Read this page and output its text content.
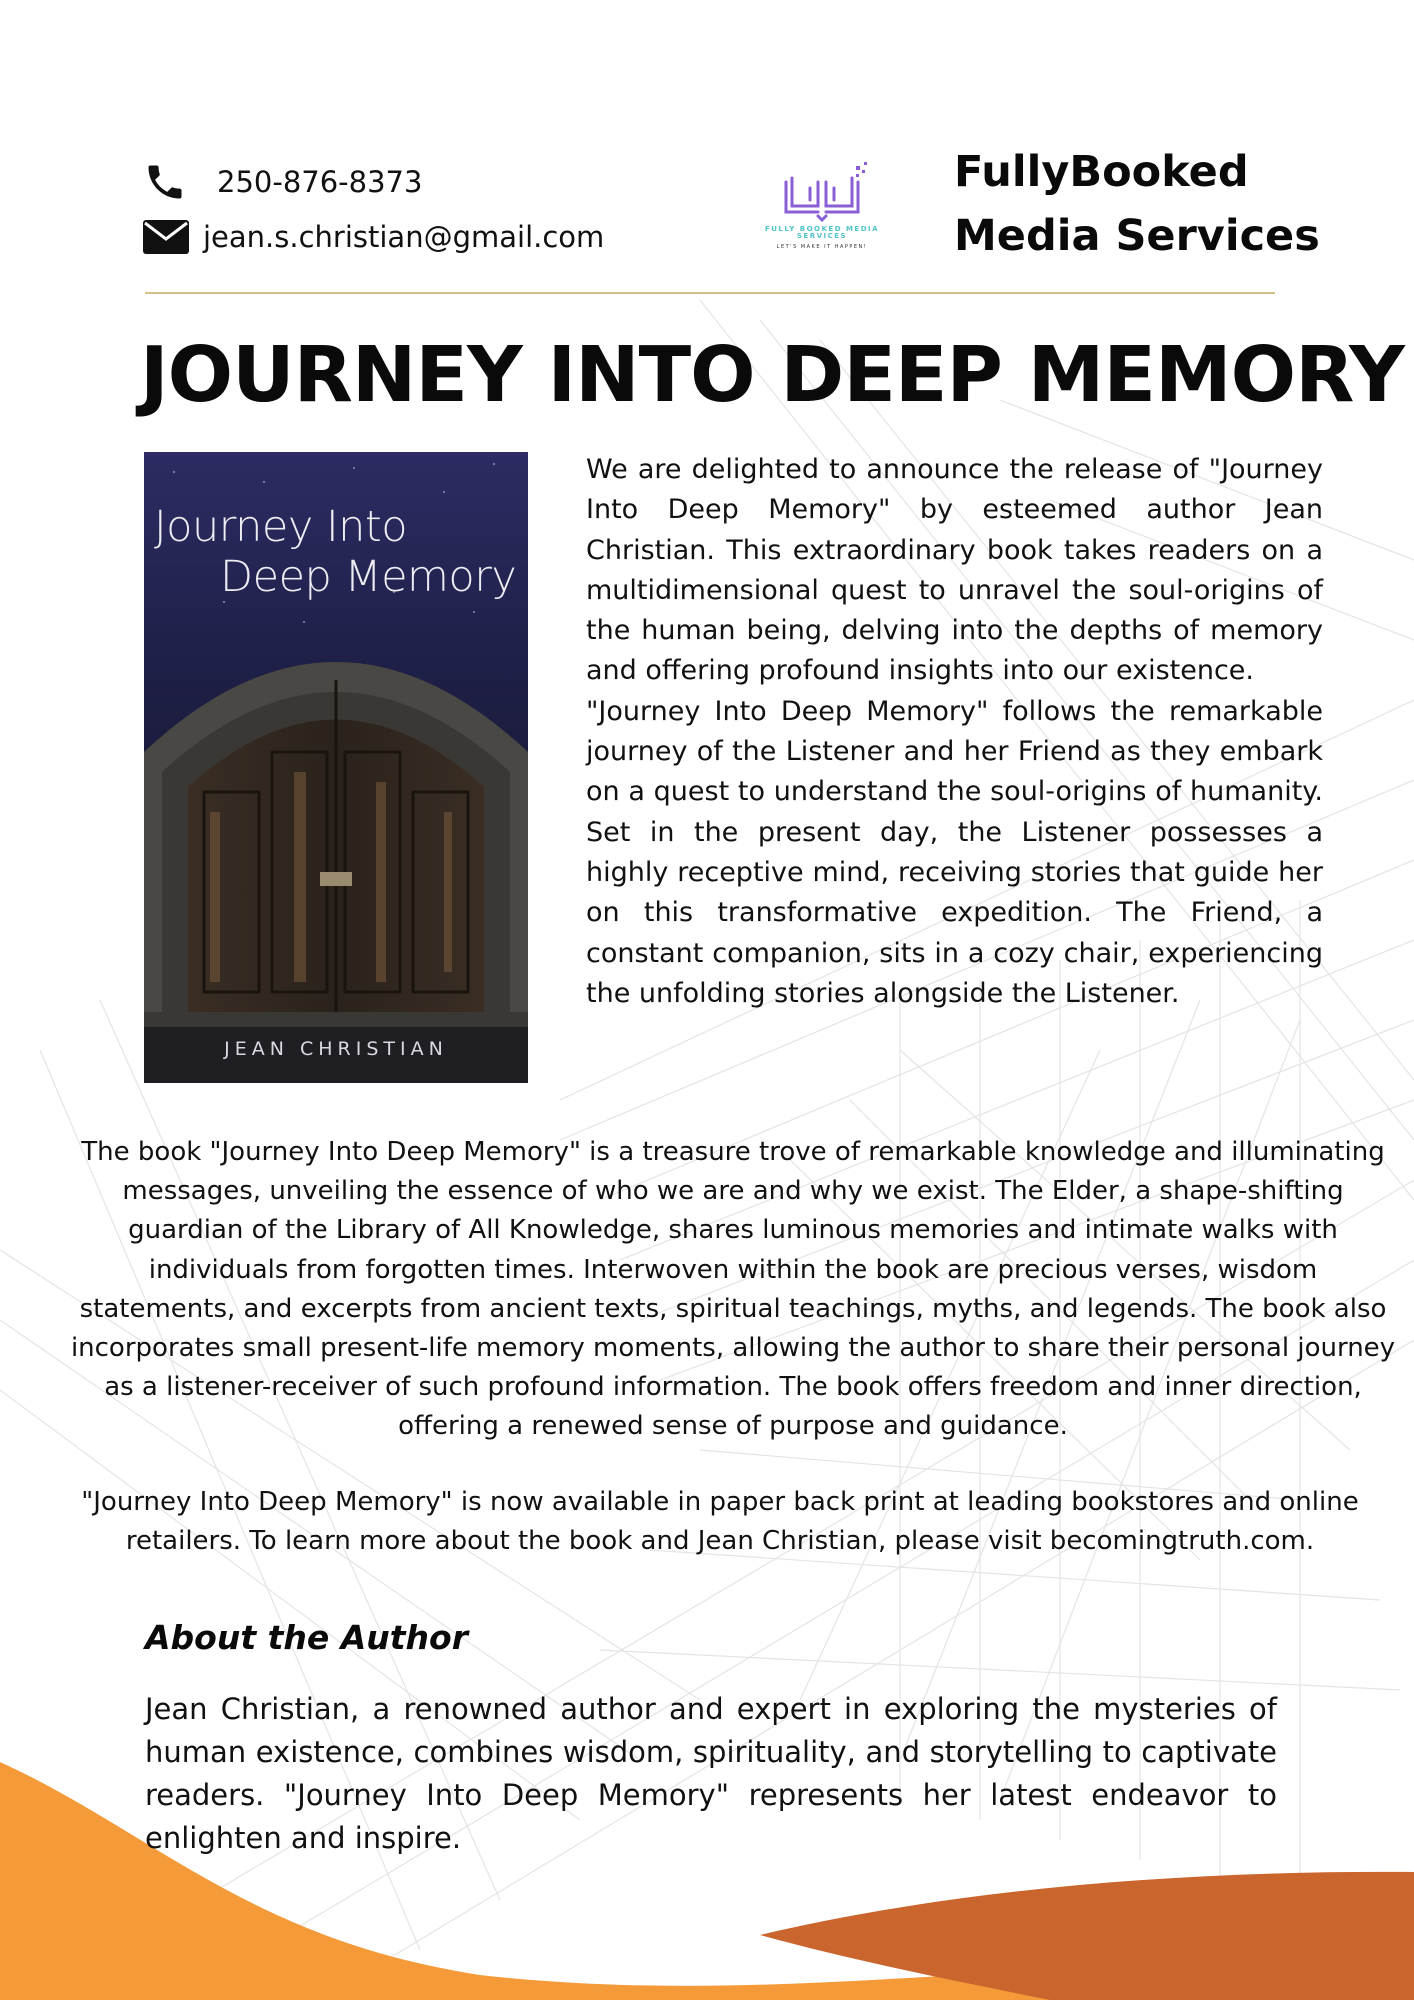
250-876-8373
jean.s.christian@gmail.com	FULLY BOOKED MEDIA SERVICES
LET'S MAKE IT HAPPEN!
FullyBooked
Media Services
JOURNEY INTO DEEP MEMORY
Journey Into
Deep Memory
JEAN CHRISTIAN

We are delighted to announce the release of "Journey Into Deep Memory" by esteemed author Jean Christian. This extraordinary book takes readers on a multidimensional quest to unravel the soul-origins of the human being, delving into the depths of memory and offering profound insights into our existence.

"Journey Into Deep Memory" follows the remarkable journey of the Listener and her Friend as they embark on a quest to understand the soul-origins of humanity. Set in the present day, the Listener possesses a highly receptive mind, receiving stories that guide her on this transformative expedition. The Friend, a constant companion, sits in a cozy chair, experiencing the unfolding stories alongside the Listener.

The book "Journey Into Deep Memory" is a treasure trove of remarkable knowledge and illuminating messages, unveiling the essence of who we are and why we exist. The Elder, a shape-shifting guardian of the Library of All Knowledge, shares luminous memories and intimate walks with individuals from forgotten times. Interwoven within the book are precious verses, wisdom statements, and excerpts from ancient texts, spiritual teachings, myths, and legends. The book also incorporates small present-life memory moments, allowing the author to share their personal journey as a listener-receiver of such profound information. The book offers freedom and inner direction, offering a renewed sense of purpose and guidance.

"Journey Into Deep Memory" is now available in paper back print at leading bookstores and online retailers. To learn more about the book and Jean Christian, please visit becomingtruth.com.

About the Author

Jean Christian, a renowned author and expert in exploring the mysteries of human existence, combines wisdom, spirituality, and storytelling to captivate readers. "Journey Into Deep Memory" represents her latest endeavor to enlighten and inspire.
